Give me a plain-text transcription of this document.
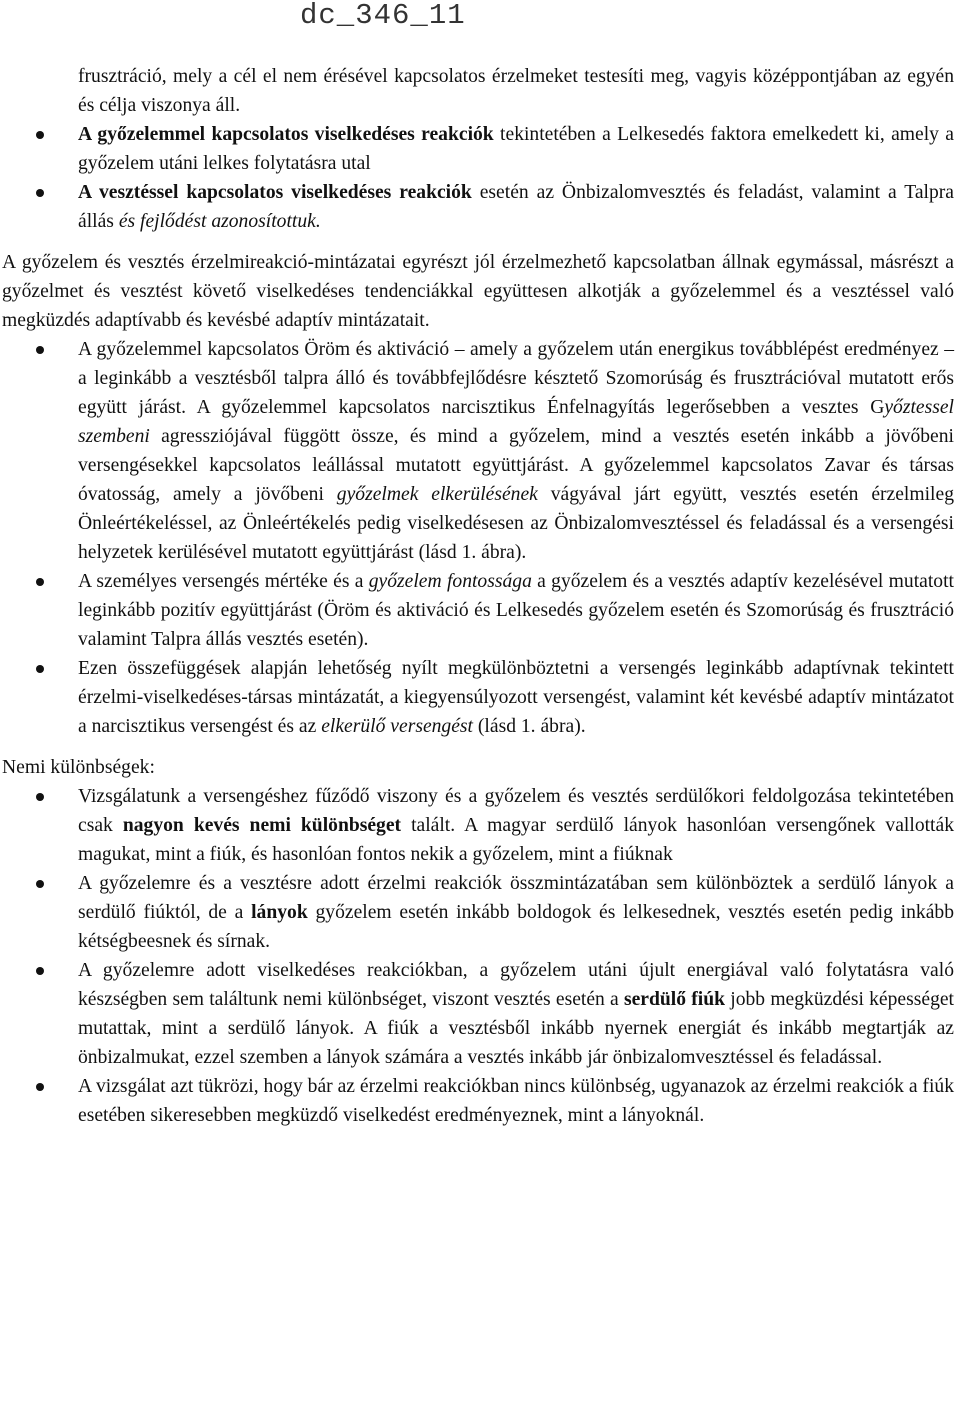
dc_346_11

frusztráció, mely a cél el nem érésével kapcsolatos érzelmeket testesíti meg, vagyis középpontjában az egyén és célja viszonya áll.

A győzelemmel kapcsolatos viselkedéses reakciók tekintetében a Lelkesedés faktora emelkedett ki, amely a győzelem utáni lelkes folytatásra utal
A vesztéssel kapcsolatos viselkedéses reakciók esetén az Önbizalomvesztés és feladást, valamint a Talpra állás és fejlődést azonosítottuk.

A győzelem és vesztés érzelmireakció-mintázatai egyrészt jól érzelmezhető kapcsolatban állnak egymással, másrészt a győzelmet és vesztést követő viselkedéses tendenciákkal együttesen alkotják a győzelemmel és a vesztéssel való megküzdés adaptívabb és kevésbé adaptív mintázatait.

A győzelemmel kapcsolatos Öröm és aktiváció – amely a győzelem után energikus továbblépést eredményez – a leginkább a vesztésből talpra álló és továbbfejlődésre késztető Szomorúság és frusztrációval mutatott erős együtt járást. A győzelemmel kapcsolatos narcisztikus Énfelnagyítás legerősebben a vesztes Győztessel szembeni agressziójával függött össze, és mind a győzelem, mind a vesztés esetén inkább a jövőbeni versengésekkel kapcsolatos leállással mutatott együttjárást. A győzelemmel kapcsolatos Zavar és társas óvatosság, amely a jövőbeni győzelmek elkerülésének vágyával járt együtt, vesztés esetén érzelmileg Önleértékeléssel, az Önleértékelés pedig viselkedésesen az Önbizalomvesztéssel és feladással és a versengési helyzetek kerülésével mutatott együttjárást (lásd 1. ábra).
A személyes versengés mértéke és a győzelem fontossága a győzelem és a vesztés adaptív kezelésével mutatott leginkább pozitív együttjárást (Öröm és aktiváció és Lelkesedés győzelem esetén és Szomorúság és frusztráció valamint Talpra állás vesztés esetén).
Ezen összefüggések alapján lehetőség nyílt megkülönböztetni a versengés leginkább adaptívnak tekintett érzelmi-viselkedéses-társas mintázatát, a kiegyensúlyozott versengést, valamint két kevésbé adaptív mintázatot a narcisztikus versengést és az elkerülő versengést (lásd 1. ábra).

Nemi különbségek:

Vizsgálatunk a versengéshez fűződő viszony és a győzelem és vesztés serdülőkori feldolgozása tekintetében csak nagyon kevés nemi különbséget talált. A magyar serdülő lányok hasonlóan versengőnek vallották magukat, mint a fiúk, és hasonlóan fontos nekik a győzelem, mint a fiúknak
A győzelemre és a vesztésre adott érzelmi reakciók összmintázatában sem különböztek a serdülő lányok a serdülő fiúktól, de a lányok győzelem esetén inkább boldogok és lelkesednek, vesztés esetén pedig inkább kétségbeesnek és sírnak.
A győzelemre adott viselkedéses reakciókban, a győzelem utáni újult energiával való folytatásra való készségben sem találtunk nemi különbséget, viszont vesztés esetén a serdülő fiúk jobb megküzdési képességet mutattak, mint a serdülő lányok. A fiúk a vesztésből inkább nyernek energiát és inkább megtartják az önbizalmukat, ezzel szemben a lányok számára a vesztés inkább jár önbizalomvesztéssel és feladással.
A vizsgálat azt tükrözi, hogy bár az érzelmi reakciókban nincs különbség, ugyanazok az érzelmi reakciók a fiúk esetében sikeresebben megküzdő viselkedést eredményeznek, mint a lányoknál.
